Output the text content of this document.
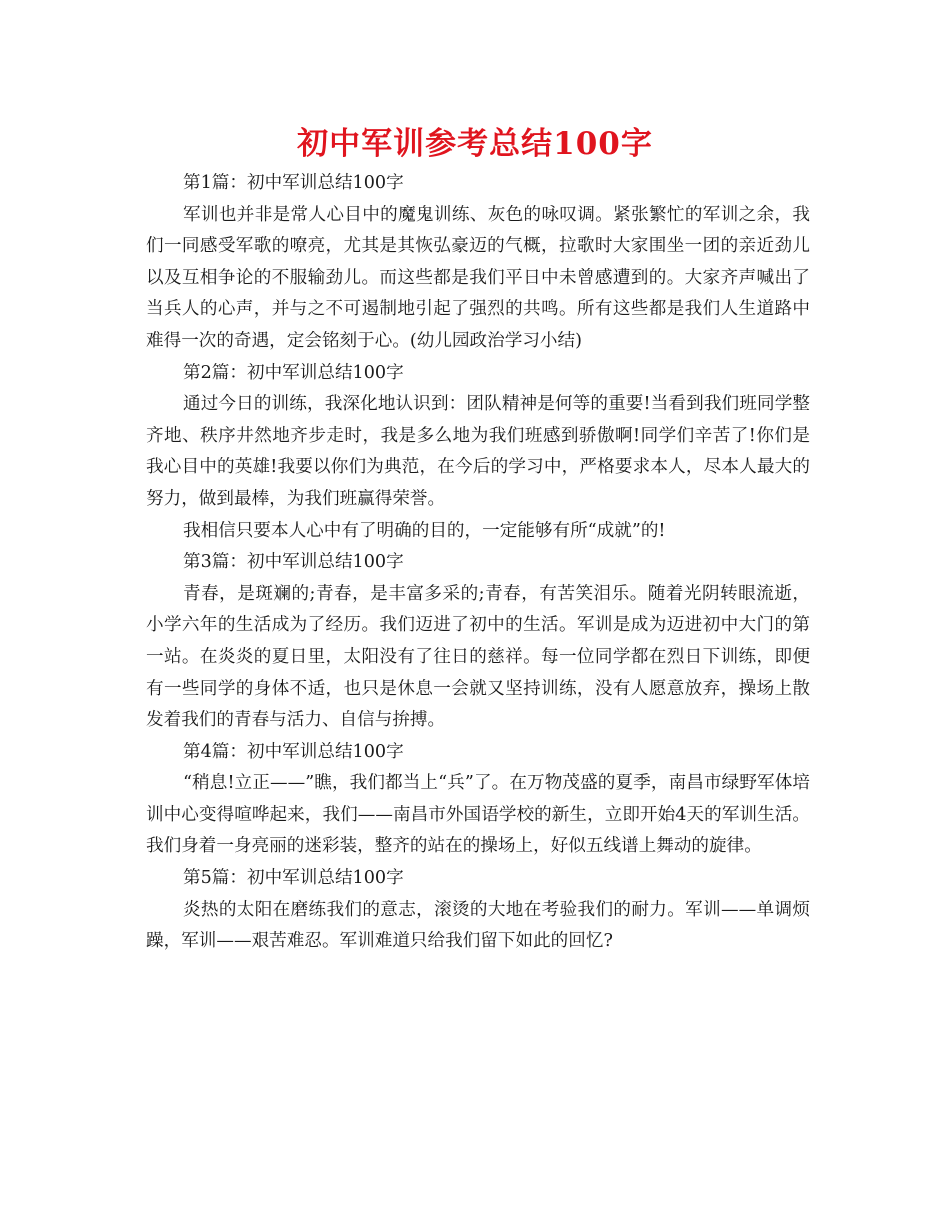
初中军训参考总结100字

第1篇：初中军训总结100字

军训也并非是常人心目中的魔鬼训练、灰色的咏叹调。紧张繁忙的军训之余，我们一同感受军歌的嘹亮，尤其是其恢弘豪迈的气概，拉歌时大家围坐一团的亲近劲儿以及互相争论的不服输劲儿。而这些都是我们平日中未曾感遭到的。大家齐声喊出了当兵人的心声，并与之不可遏制地引起了强烈的共鸣。所有这些都是我们人生道路中难得一次的奇遇，定会铭刻于心。(幼儿园政治学习小结)

第2篇：初中军训总结100字

通过今日的训练，我深化地认识到：团队精神是何等的重要!当看到我们班同学整齐地、秩序井然地齐步走时，我是多么地为我们班感到骄傲啊!同学们辛苦了!你们是我心目中的英雄!我要以你们为典范，在今后的学习中，严格要求本人，尽本人最大的努力，做到最棒，为我们班赢得荣誉。

我相信只要本人心中有了明确的目的，一定能够有所“成就”的!

第3篇：初中军训总结100字

青春，是斑斓的;青春，是丰富多采的;青春，有苦笑泪乐。随着光阴转眼流逝，小学六年的生活成为了经历。我们迈进了初中的生活。军训是成为迈进初中大门的第一站。在炎炎的夏日里，太阳没有了往日的慈祥。每一位同学都在烈日下训练，即便有一些同学的身体不适，也只是休息一会就又坚持训练，没有人愿意放弃，操场上散发着我们的青春与活力、自信与拚搏。

第4篇：初中军训总结100字

“稍息!立正——”瞧，我们都当上“兵”了。在万物茂盛的夏季，南昌市绿野军体培训中心变得喧哗起来，我们——南昌市外国语学校的新生，立即开始4天的军训生活。我们身着一身亮丽的迷彩装，整齐的站在的操场上，好似五线谱上舞动的旋律。

第5篇：初中军训总结100字

炎热的太阳在磨练我们的意志，滚烫的大地在考验我们的耐力。军训——单调烦躁，军训——艰苦难忍。军训难道只给我们留下如此的回忆?
